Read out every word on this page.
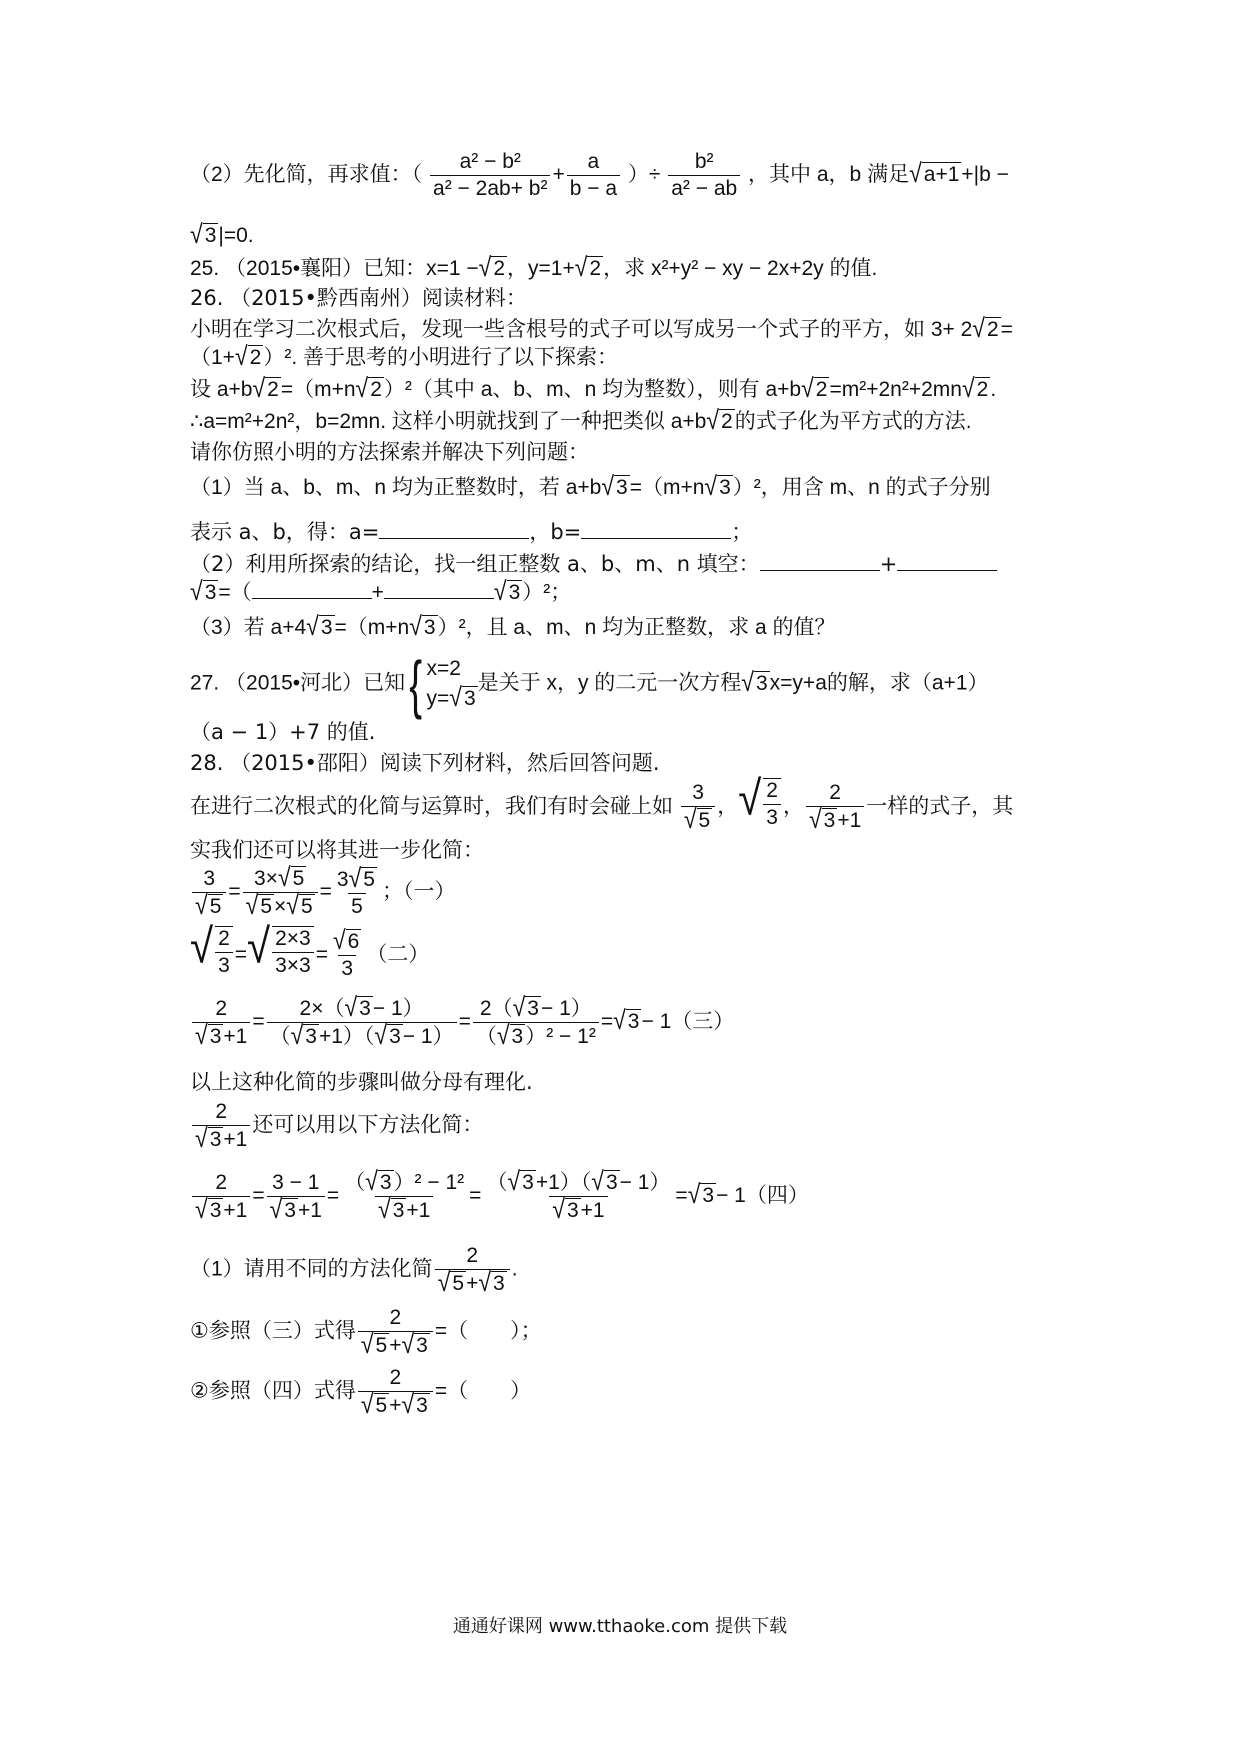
（2）先化简，再求值：（ $\frac{\text{a² − b²}}{\text{a² − 2ab+ b²}} + \frac{a}{b - a}$ ）÷ $\frac{\text{b²}}{\text{a² − ab}}$ ，其中 a，b 满足 √ a+1 +|b −
√ 3 |=0.
25. （2015•襄阳）已知：x=1 − √ 2 ，y=1+ √ 2 ，求 x²+y² − xy − 2x+2y 的值.
26. （2015•黔西南州）阅读材料：
小明在学习二次根式后，发现一些含根号的式子可以写成另一个式子的平方，如 3+ 2 √ 2 =
（1+ √ 2 ）². 善于思考的小明进行了以下探索：
设 a+b √ 2 =（m+n √ 2 ）²（其中 a、b、m、n 均为整数），则有 a+b √ 2 =m²+2n²+2mn √ 2 .
∴a=m²+2n²，b=2mn. 这样小明就找到了一种把类似 a+b √ 2 的式子化为平方式的方法.
请你仿照小明的方法探索并解决下列问题：
（1）当 a、b、m、n 均为正整数时，若 a+b √ 3 =（m+n √ 3 ）²，用含 m、n 的式子分别
表示 a、b，得：a=	，b=	；
（2）利用所探索的结论，找一组正整数 a、b、m、n 填空：	+
√ 3 =（	+	√ 3 ）²；
（3）若 a+4 √ 3 =（m+n √ 3 ）²，且 a、m、n 均为正整数，求 a 的值？
27. （2015•河北）已知 { x=2
y= √ 3
是关于 x，y 的二元一次方程 √ 3 x=y+a的解，求（a+1）
（a − 1）+7 的值.
28. （2015•邵阳）阅读下列材料，然后回答问题.
在进行二次根式的化简与运算时，我们有时会碰上如 $\frac{3}{√ 5}$ ， √ $\frac{2}{3}$ ， $\frac{2}{√ 3 +1}$ 一样的式子，其
实我们还可以将其进一步化简：
$\frac{3}{√ 5} = \frac{3\times √ 5}{√ 5 \times √ 5} = \frac{3 √ 5}{5}$ ；（一）
√ $\frac{2}{3}$ = √ $\frac{2\times 3}{3\times 3} = \frac{√ 6}{3}$ （二）
$\frac{2}{√ 3 +1} = \frac{2\times( √ 3 - 1)}{( √ 3 +1)( √ 3 - 1)} = \frac{2( √ 3 - 1)}{\text{（ √ 3 ）² − 1²}}$ = √ 3 − 1（三）
以上这种化简的步骤叫做分母有理化.
$\frac{2}{√ 3 +1}$ 还可以用以下方法化简：
$\frac{2}{√ 3 +1} = \frac{3 - 1}{√ 3 +1} = \frac{\text{（ √ 3 ）² − 1²}}{√ 3 +1} = \frac{( √ 3 +1)( √ 3 - 1)}{√ 3 +1}$ = √ 3 − 1（四）
（1）请用不同的方法化简 $\frac{2}{√ 5 + √ 3}$ .
①参照（三）式得 $\frac{2}{√ 5 + √ 3}$ =（　　）；
②参照（四）式得 $\frac{2}{√ 5 + √ 3}$ =（　　）
通通好课网 www.tthaoke.com 提供下载
